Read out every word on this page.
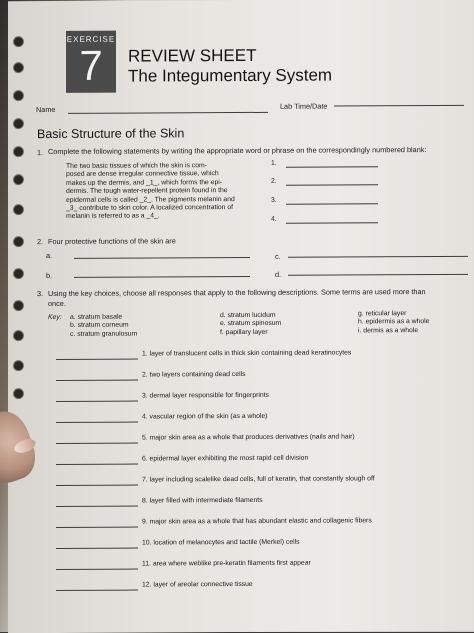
EXERCISE
7	REVIEW SHEET
The Integumentary System
Name	Lab Time/Date
Basic Structure of the Skin
1. Complete the following statements by writing the appropriate word or phrase on the correspondingly numbered blank:
The two basic tissues of which the skin is com-
posed are dense irregular connective tissue, which
makes up the dermis, and _1_, which forms the epi-
dermis. The tough water-repellent protein found in the
epidermal cells is called _2_. The pigments melanin and
_3_ contribute to skin color. A localized concentration of
melanin is referred to as a _4_.
1.
2.
3.
4.
2. Four protective functions of the skin are
a.	c.
b.	d.
3. Using the key choices, choose all responses that apply to the following descriptions. Some terms are used more than
once.
Key: a. stratum basale
b. stratum corneum
c. stratum granulosum
d. stratum lucidum
e. stratum spinosum
f. papillary layer
g. reticular layer
h. epidermis as a whole
i. dermis as a whole
1. layer of translucent cells in thick skin containing dead keratinocytes
2. two layers containing dead cells
3. dermal layer responsible for fingerprints
4. vascular region of the skin (as a whole)
5. major skin area as a whole that produces derivatives (nails and hair)
6. epidermal layer exhibiting the most rapid cell division
7. layer including scalelike dead cells, full of keratin, that constantly slough off
8. layer filled with intermediate filaments
9. major skin area as a whole that has abundant elastic and collagenic fibers
10. location of melanocytes and tactile (Merkel) cells
11. area where weblike pre-keratin filaments first appear
12. layer of areolar connective tissue
